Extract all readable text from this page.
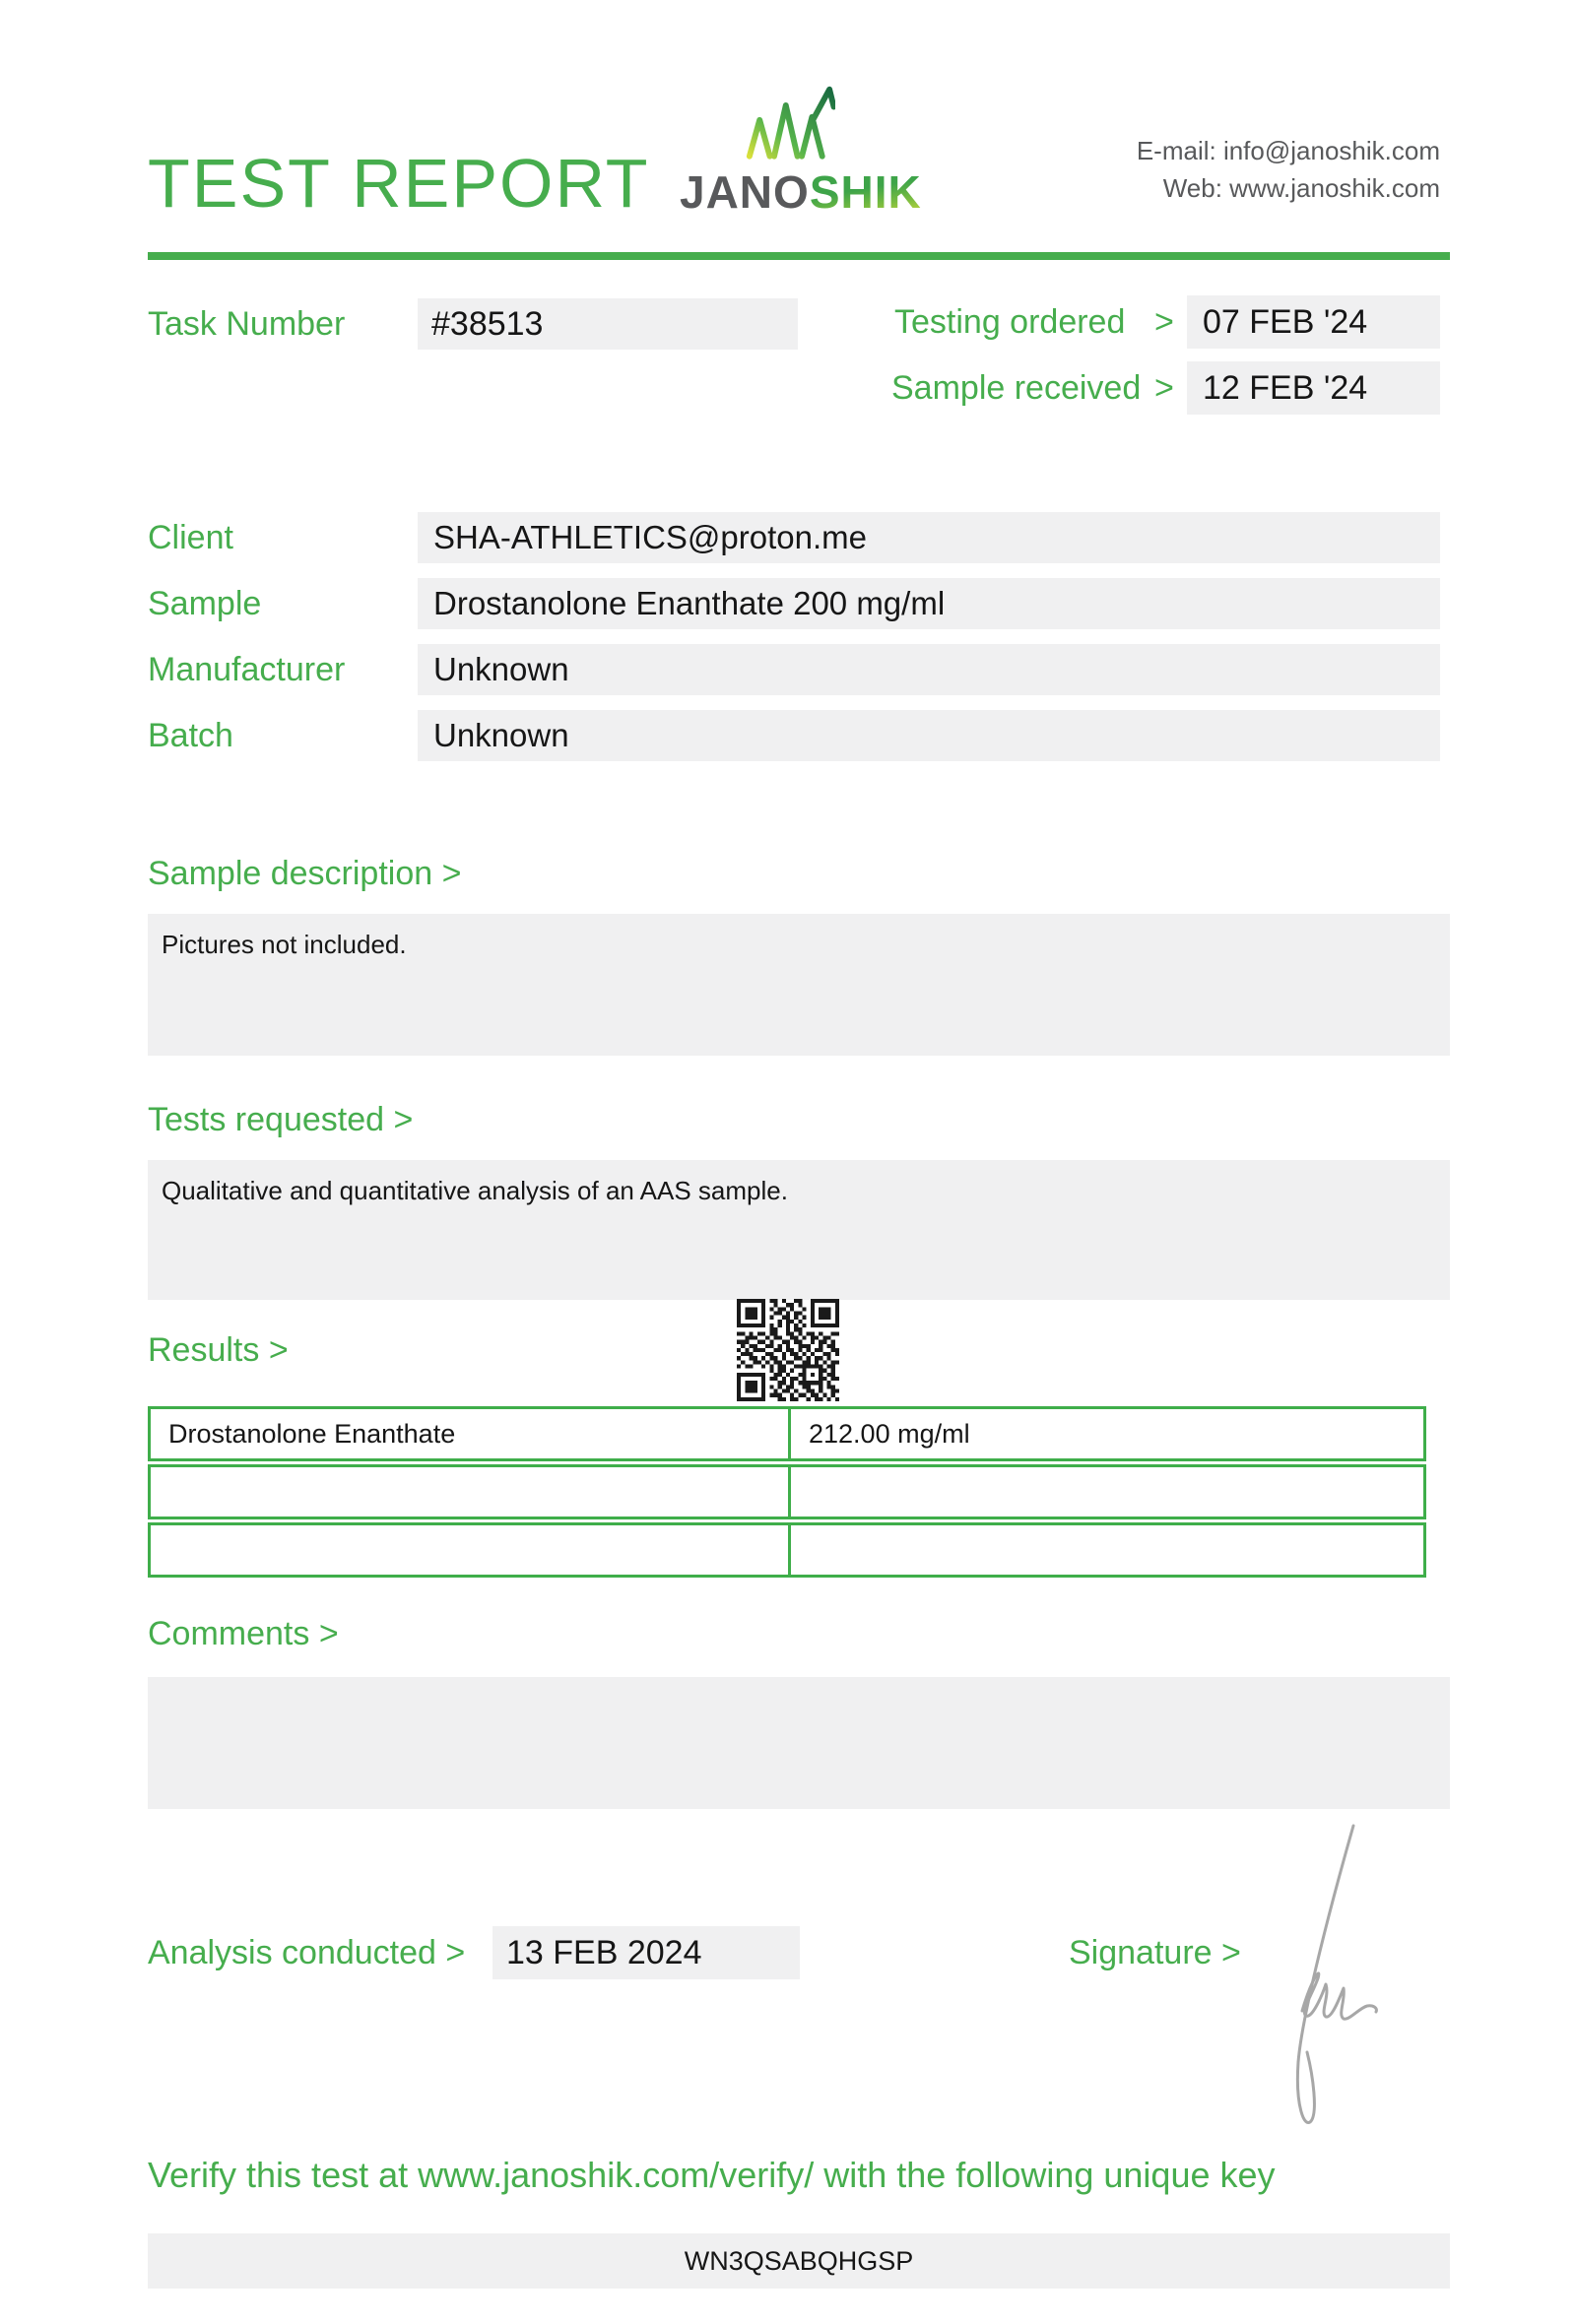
TEST REPORT JANOSHIK
E-mail: info@janoshik.com
Web: www.janoshik.com
Task Number	#38513	Testing ordered > 07 FEB '24
Sample received > 12 FEB '24
Client	SHA-ATHLETICS@proton.me
Sample	Drostanolone Enanthate 200 mg/ml
Manufacturer	Unknown
Batch	Unknown
Sample description >
Pictures not included.
Tests requested >
Qualitative and quantitative analysis of an AAS sample.
Results >
Drostanolone Enanthate	212.00 mg/ml
Comments >
Analysis conducted >	13 FEB 2024	Signature >
Verify this test at www.janoshik.com/verify/ with the following unique key
WN3QSABQHGSP
